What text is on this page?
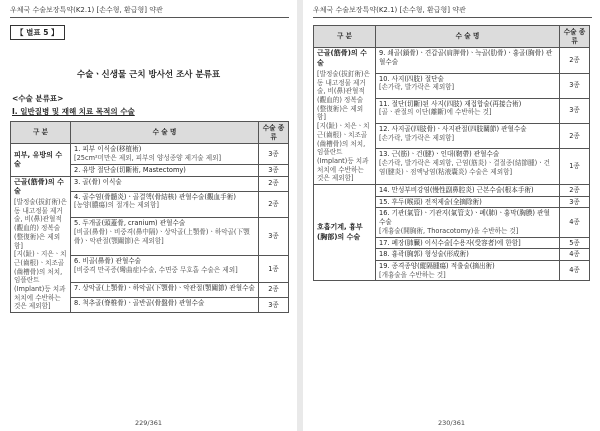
우체국 수술보장특약(K2.1) [손수형, 환급형] 약관
【 별표 5 】
수술ㆍ신생물 근치 방사선 조사 분류표
<수술 분류표>
Ⅰ. 일반질병 및 재해 치료 목적의 수술
구 분	수 술 명	수술 종류

피부, 유방의 수술	1. 피부 이식술(移植術)
[25cm²미만은 제외, 피부의 양성종양 제거술 제외]	3종
	2. 유방 절단술(切斷術, Mastectomy)	3종

근골(筋骨)의 수술
[발정술(拔釘術)은 동 내고정물 제거술, 비(鼻)관혈적(觀血的) 정복술(整復術)은 제외함]
[지(趾)ㆍ지은ㆍ치근(齒根)ㆍ치조골(齒槽骨)의 처치, 임플란트(Implant)등 치과 처치에 수반하는 것은 제외함]	3. 골(骨) 이식술	2종
	4. 골수염(骨髓炎)ㆍ골결핵(骨結核) 관혈수술(觀血手術)
[농양(膿瘍)의 절개는 제외함]	2종
	5. 두개골(頭蓋骨, cranium) 관혈수술
[비골(鼻骨)ㆍ비중격(鼻中隔)ㆍ상악골(上顎骨)ㆍ하악골(下顎骨)ㆍ악관절(顎關節)은 제외함]	3종
	6. 비골(鼻骨) 관혈수술
[비중격 만곡증(彎曲症)수술, 수면중 무호흡 수술은 제외]	1종
	7. 상악골(上顎骨)ㆍ하악골(下顎骨)ㆍ악관절(顎關節) 관혈수술	2종
	8. 척추골(脊椎骨)ㆍ골반골(骨盤骨) 관혈수술	3종
229/361
우체국 수술보장특약(K2.1) [손수형, 환급형] 약관
구 분	수 술 명	수술 종류

근골(筋骨)의 수술
[발정술(拔釘術)은 동 내고정물 제거술, 비(鼻)관혈적(觀血的) 정복술(整復術)은 제외함]
[지(趾)ㆍ치은ㆍ치근(齒根)ㆍ치조골(齒槽骨)의 처치, 임플란트(Implant)등 치과 처치에 수반하는 것은 제외함]	9. 쇄골(鎖骨)ㆍ견갑골(肩胛骨)ㆍ늑골(肋骨)ㆍ흉골(胸骨) 관혈수술	2종
	10. 사지(四肢) 절단술
[손가락, 발가락은 제외함]	3종
	11. 절단(切斷)된 사지(四肢) 재접합술(再接合術)
[골ㆍ관절의 이단(離斷)에 수반하는 것]	3종
	12. 사지골(四肢骨)ㆍ사지관절(四肢關節) 관혈수술
[손가락, 발가락은 제외함]	2종
	13. 근(筋)ㆍ건(腱)ㆍ인대(靭帶) 관혈수술
[손가락, 발가락은 제외함, 근염(筋炎)ㆍ결절종(結節腫)ㆍ건염(腱炎)ㆍ점액낭염(粘液囊炎) 수술은 제외함]	1종

호흡기계, 흉부(胸部)의 수술	14. 만성부비강염(慢性副鼻腔炎) 근본수술(根本手術)	2종
	15. 후두(喉頭) 전적제술(全摘除術)	3종
	16. 기관(氣管)ㆍ기관지(氣管支)ㆍ폐(肺)ㆍ흉막(胸膜) 관혈수술
[개흉술(開胸術, Thoracotomy)을 수반하는 것]	4종
	17. 폐장(肺臟) 이식수술[수용자(受容者)에 한함]	5종
	18. 흉곽(胸郭) 형성술(形成術)	4종
	19. 종격종양(縱隔腫瘍) 적출술(摘出術)
[개흉술을 수반하는 것]	4종
230/361
